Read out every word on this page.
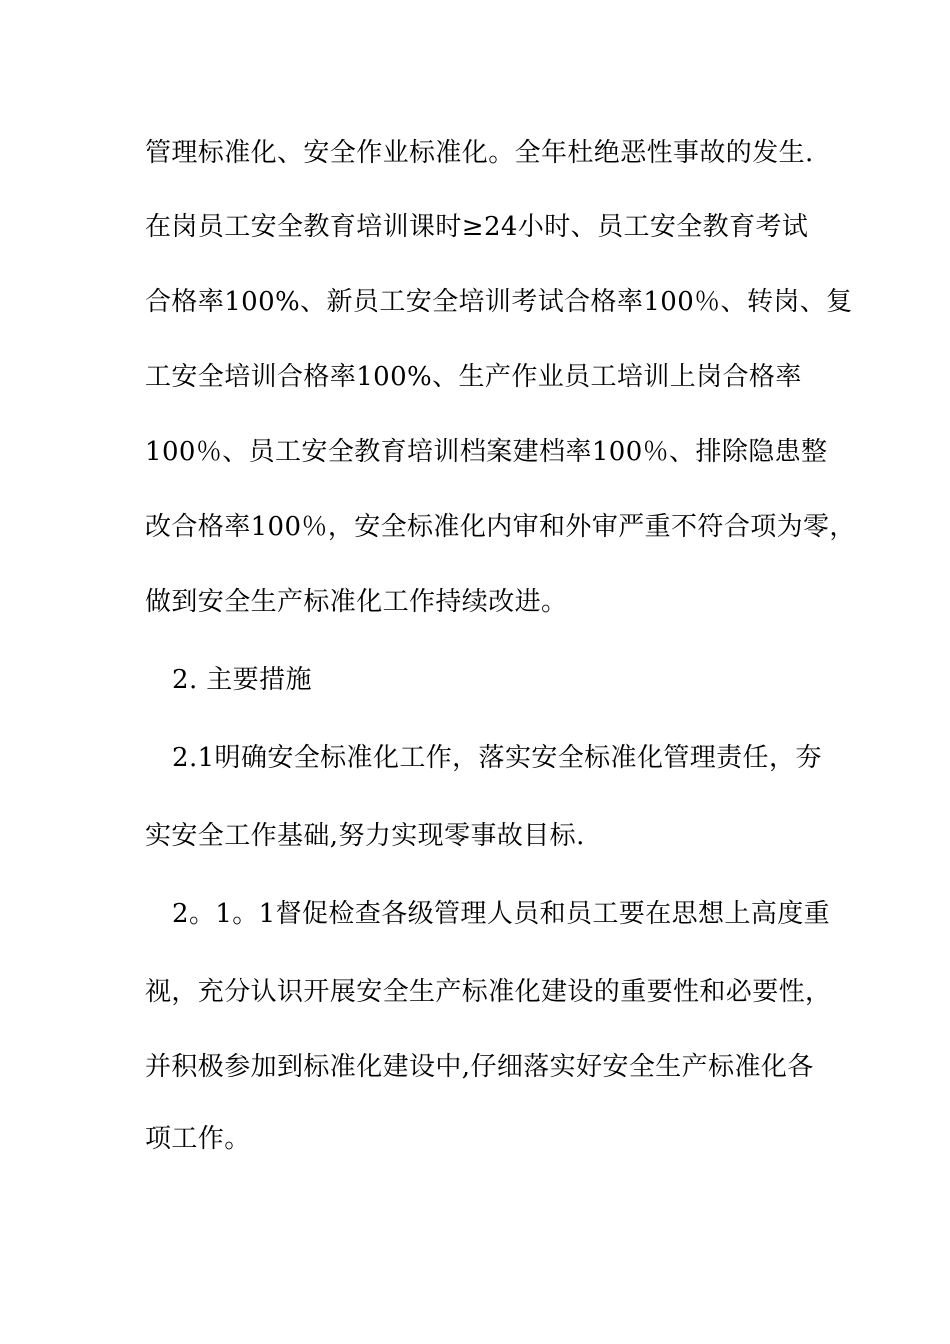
管理标准化、安全作业标准化。全年杜绝恶性事故的发生.
在岗员工安全教育培训课时≥24小时、员工安全教育考试
合格率100%、新员工安全培训考试合格率100％、转岗、复
工安全培训合格率100%、生产作业员工培训上岗合格率
100％、员工安全教育培训档案建档率100％、排除隐患整
改合格率100％，安全标准化内审和外审严重不符合项为零，
做到安全生产标准化工作持续改进。
2. 主要措施
2.1明确安全标准化工作，落实安全标准化管理责任，夯
实安全工作基础,努力实现零事故目标.
2。1。1督促检查各级管理人员和员工要在思想上高度重
视，充分认识开展安全生产标准化建设的重要性和必要性，
并积极参加到标准化建设中,仔细落实好安全生产标准化各
项工作。
